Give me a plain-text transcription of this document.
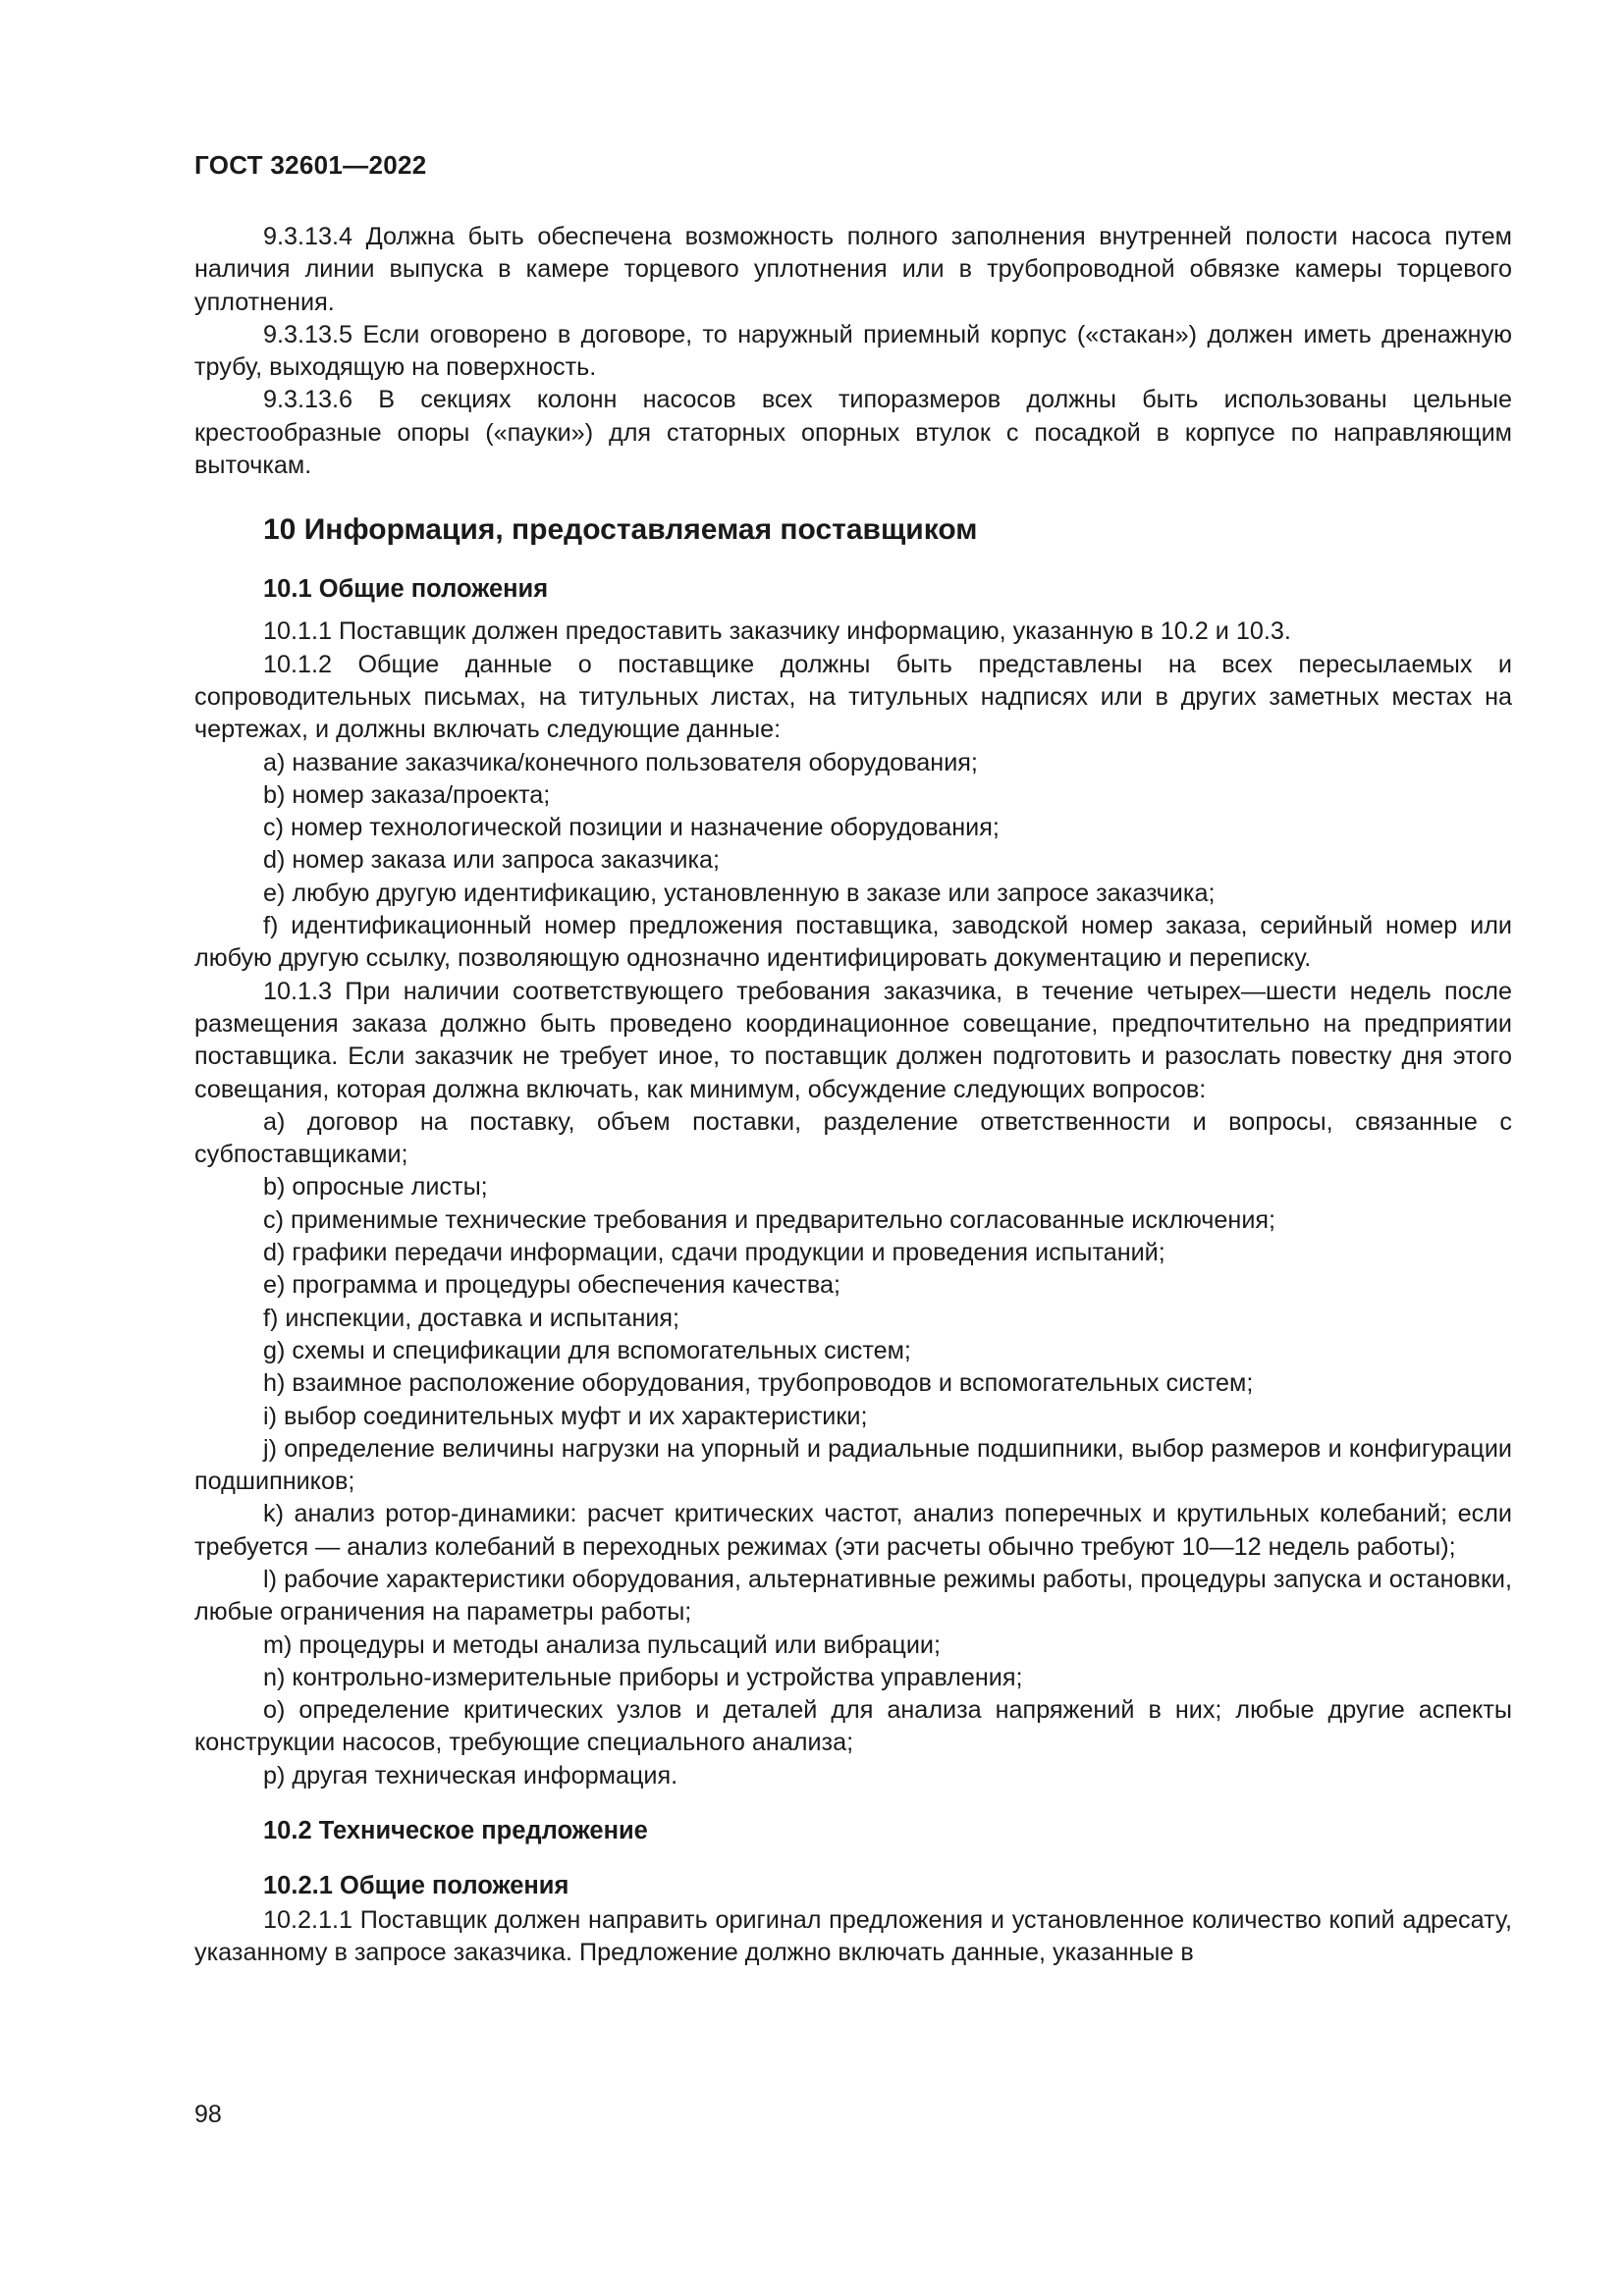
ГОСТ 32601—2022

9.3.13.4 Должна быть обеспечена возможность полного заполнения внутренней полости насоса путем наличия линии выпуска в камере торцевого уплотнения или в трубопроводной обвязке камеры торцевого уплотнения.

9.3.13.5 Если оговорено в договоре, то наружный приемный корпус («стакан») должен иметь дренажную трубу, выходящую на поверхность.

9.3.13.6 В секциях колонн насосов всех типоразмеров должны быть использованы цельные крестообразные опоры («пауки») для статорных опорных втулок с посадкой в корпусе по направляющим выточкам.

10 Информация, предоставляемая поставщиком
10.1 Общие положения

10.1.1 Поставщик должен предоставить заказчику информацию, указанную в 10.2 и 10.3.

10.1.2 Общие данные о поставщике должны быть представлены на всех пересылаемых и сопроводительных письмах, на титульных листах, на титульных надписях или в других заметных местах на чертежах, и должны включать следующие данные:

a) название заказчика/конечного пользователя оборудования;

b) номер заказа/проекта;

c) номер технологической позиции и назначение оборудования;

d) номер заказа или запроса заказчика;

e) любую другую идентификацию, установленную в заказе или запросе заказчика;

f) идентификационный номер предложения поставщика, заводской номер заказа, серийный номер или любую другую ссылку, позволяющую однозначно идентифицировать документацию и переписку.

10.1.3 При наличии соответствующего требования заказчика, в течение четырех—шести недель после размещения заказа должно быть проведено координационное совещание, предпочтительно на предприятии поставщика. Если заказчик не требует иное, то поставщик должен подготовить и разослать повестку дня этого совещания, которая должна включать, как минимум, обсуждение следующих вопросов:

a) договор на поставку, объем поставки, разделение ответственности и вопросы, связанные с субпоставщиками;

b) опросные листы;

c) применимые технические требования и предварительно согласованные исключения;

d) графики передачи информации, сдачи продукции и проведения испытаний;

e) программа и процедуры обеспечения качества;

f) инспекции, доставка и испытания;

g) схемы и спецификации для вспомогательных систем;

h) взаимное расположение оборудования, трубопроводов и вспомогательных систем;

i) выбор соединительных муфт и их характеристики;

j) определение величины нагрузки на упорный и радиальные подшипники, выбор размеров и конфигурации подшипников;

k) анализ ротор-динамики: расчет критических частот, анализ поперечных и крутильных колебаний; если требуется — анализ колебаний в переходных режимах (эти расчеты обычно требуют 10—12 недель работы);

l) рабочие характеристики оборудования, альтернативные режимы работы, процедуры запуска и остановки, любые ограничения на параметры работы;

m) процедуры и методы анализа пульсаций или вибрации;

n) контрольно-измерительные приборы и устройства управления;

o) определение критических узлов и деталей для анализа напряжений в них; любые другие аспекты конструкции насосов, требующие специального анализа;

p) другая техническая информация.

10.2 Техническое предложение
10.2.1 Общие положения

10.2.1.1 Поставщик должен направить оригинал предложения и установленное количество копий адресату, указанному в запросе заказчика. Предложение должно включать данные, указанные в

98
